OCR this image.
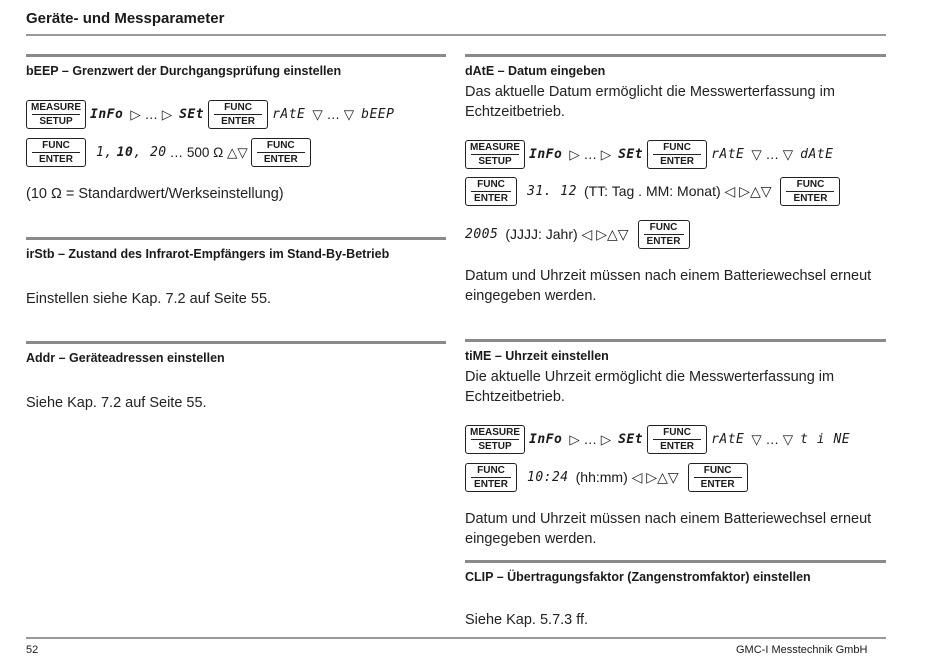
Geräte- und Messparameter
bEEP – Grenzwert der Durchgangsprüfung einstellen
MEASURE
SETUP	InFo ▷ … ▷ SEt FUNC
ENTER	rAtE ▽ … ▽ bEEP
FUNC
ENTER	1, 10 , 20 … 500 Ω △▽ FUNC
ENTER
(10 Ω = Standardwert/Werkseinstellung)
irStb – Zustand des Infrarot-Empfängers im Stand-By-Betrieb
Einstellen siehe Kap. 7.2 auf Seite 55.
Addr – Geräteadressen einstellen
Siehe Kap. 7.2 auf Seite 55.
dAtE – Datum eingeben
Das aktuelle Datum ermöglicht die Messwerterfassung im Echtzeitbetrieb.
MEASURE
SETUP	InFo ▷ … ▷ SEt FUNC
ENTER	rAtE ▽ … ▽ dAtE
FUNC
ENTER 31. 12 (TT: Tag . MM: Monat) ◁ ▷△▽	FUNC
ENTER
2005 (JJJJ: Jahr) ◁ ▷△▽ FUNC
ENTER
Datum und Uhrzeit müssen nach einem Batteriewechsel erneut eingegeben werden.
tiME – Uhrzeit einstellen
Die aktuelle Uhrzeit ermöglicht die Messwerterfassung im Echtzeitbetrieb.
MEASURE
SETUP	InFo ▷ … ▷ SEt FUNC
ENTER	rAtE ▽ … ▽ t i NE
FUNC
ENTER 10:24 (hh:mm) ◁ ▷△▽	FUNC
ENTER
Datum und Uhrzeit müssen nach einem Batteriewechsel erneut eingegeben werden.
CLIP – Übertragungsfaktor (Zangenstromfaktor) einstellen
Siehe Kap. 5.7.3 ff.
52	GMC-I Messtechnik GmbH
